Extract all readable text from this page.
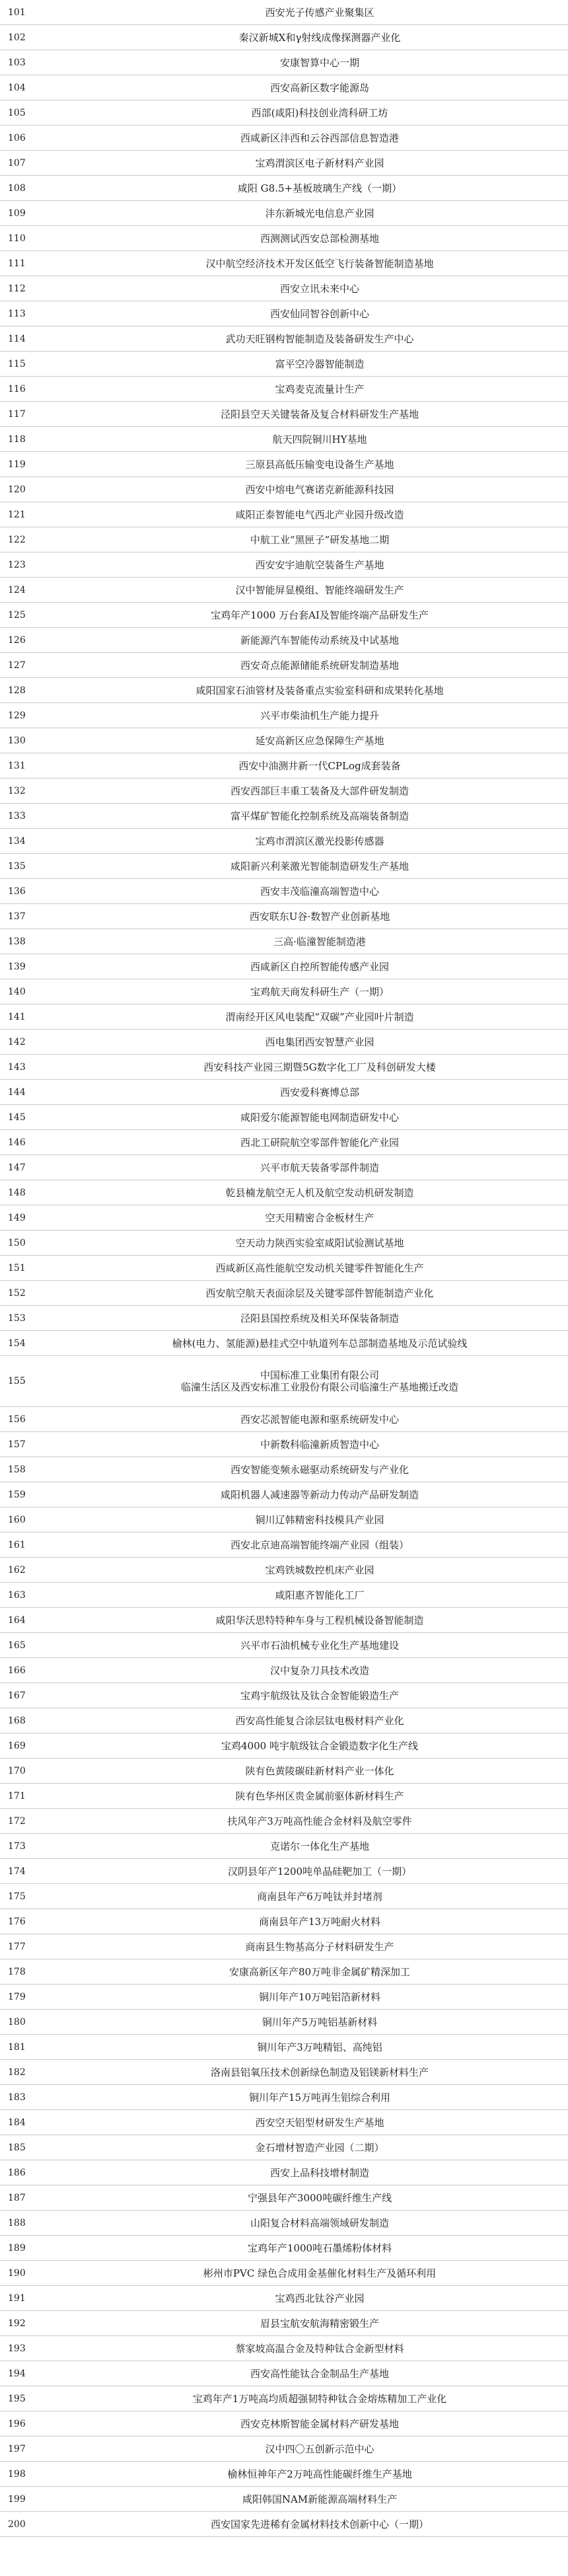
101	西安光子传感产业聚集区

102	秦汉新城X和γ射线成像探测器产业化

103	安康智算中心一期

104	西安高新区数字能源岛

105	西部(咸阳)科技创业湾科研工坊

106	西咸新区沣西和云谷西部信息智造港

107	宝鸡渭滨区电子新材料产业园

108	咸阳 G8.5+基板玻璃生产线（一期）

109	沣东新城光电信息产业园

110	西测测试西安总部检测基地

111	汉中航空经济技术开发区低空飞行装备智能制造基地

112	西安立讯未来中心

113	西安仙同智谷创新中心

114	武功天旺钢构智能制造及装备研发生产中心

115	富平空冷器智能制造

116	宝鸡麦克流量计生产

117	泾阳县空天关键装备及复合材料研发生产基地

118	航天四院铜川HY基地

119	三原县高低压输变电设备生产基地

120	西安中熔电气赛诺克新能源科技园

121	咸阳正泰智能电气西北产业园升级改造

122	中航工业“黑匣子”研发基地二期

123	西安安宇迪航空装备生产基地

124	汉中智能屏显模组、智能终端研发生产

125	宝鸡年产1000 万台套AI及智能终端产品研发生产

126	新能源汽车智能传动系统及中试基地

127	西安奇点能源储能系统研发制造基地

128	咸阳国家石油管材及装备重点实验室科研和成果转化基地

129	兴平市柴油机生产能力提升

130	延安高新区应急保障生产基地

131	西安中油测井新一代CPLog成套装备

132	西安西部巨丰重工装备及大部件研发制造

133	富平煤矿智能化控制系统及高端装备制造

134	宝鸡市渭滨区激光投影传感器

135	咸阳新兴利莱激光智能制造研发生产基地

136	西安丰茂临潼高端智造中心

137	西安联东U谷·数智产业创新基地

138	三高·临潼智能制造港

139	西咸新区自控所智能传感产业园

140	宝鸡航天商发科研生产（一期）

141	渭南经开区风电装配“双碳”产业园叶片制造

142	西电集团西安智慧产业园

143	西安科技产业园三期暨5G数字化工厂及科创研发大楼

144	西安爱科赛博总部

145	咸阳爱尔能源智能电网制造研发中心

146	西北工研院航空零部件智能化产业园

147	兴平市航天装备零部件制造

148	乾县楠龙航空无人机及航空发动机研发制造

149	空天用精密合金板材生产

150	空天动力陕西实验室咸阳试验测试基地

151	西咸新区高性能航空发动机关键零件智能化生产

152	西安航空航天表面涂层及关键零部件智能制造产业化

153	泾阳县国控系统及相关环保装备制造

154	榆林(电力、氢能源)悬挂式空中轨道列车总部制造基地及示范试验线

155	中国标准工业集团有限公司
临潼生活区及西安标准工业股份有限公司临潼生产基地搬迁改造

156	西安芯派智能电源和驱系统研发中心

157	中新数科临潼新质智造中心

158	西安智能变频永磁驱动系统研发与产业化

159	咸阳机器人减速器等新动力传动产品研发制造

160	铜川辽韩精密科技模具产业园

161	西安北京迪高端智能终端产业园（组装）

162	宝鸡铁城数控机床产业园

163	咸阳惠齐智能化工厂

164	咸阳华沃思特特种车身与工程机械设备智能制造

165	兴平市石油机械专业化生产基地建设

166	汉中复杂刀具技术改造

167	宝鸡宇航级钛及钛合金智能锻造生产

168	西安高性能复合涂层钛电极材料产业化

169	宝鸡4000 吨宇航级钛合金锻造数字化生产线

170	陕有色黄陵碳硅新材料产业一体化

171	陕有色华州区贵金属前驱体新材料生产

172	扶风年产3万吨高性能合金材料及航空零件

173	克诺尔一体化生产基地

174	汉阴县年产1200吨单晶硅靶加工（一期）

175	商南县年产6万吨钛并封堵剂

176	商南县年产13万吨耐火材料

177	商南县生物基高分子材料研发生产

178	安康高新区年产80万吨非金属矿精深加工

179	铜川年产10万吨铝箔新材料

180	铜川年产5万吨铝基新材料

181	铜川年产3万吨精铝、高纯铝

182	洛南县铝氧压技术创新绿色制造及铝镁新材料生产

183	铜川年产15万吨再生铝综合利用

184	西安空天铝型材研发生产基地

185	金石增材智造产业园（二期）

186	西安上品科技增材制造

187	宁强县年产3000吨碳纤维生产线

188	山阳复合材料高端领域研发制造

189	宝鸡年产1000吨石墨烯粉体材料

190	彬州市PVC 绿色合成用金基催化材料生产及循环利用

191	宝鸡西北钛谷产业园

192	眉县宝航安航海精密锻生产

193	蔡家坡高温合金及特种钛合金新型材料

194	西安高性能钛合金制品生产基地

195	宝鸡年产1万吨高均质超强韧特种钛合金熔炼精加工产业化

196	西安克林斯智能金属材料产研发基地

197	汉中四〇五创新示范中心

198	榆林恒神年产2万吨高性能碳纤维生产基地

199	咸阳韩国NAM新能源高端材料生产

200	西安国家先进稀有金属材料技术创新中心（一期）
